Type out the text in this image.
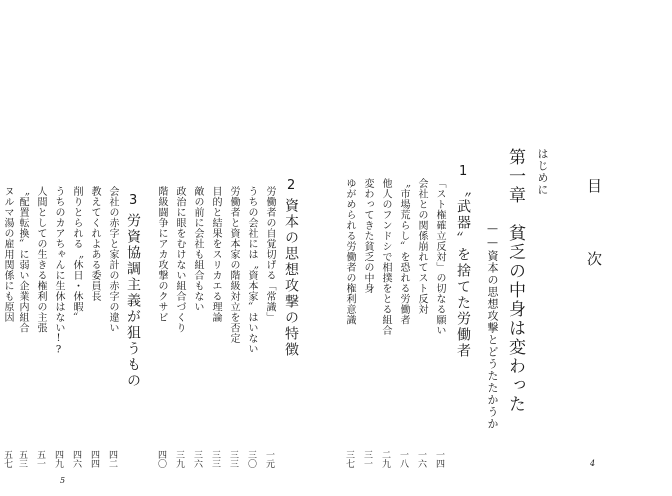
目 次
はじめに
第一章　貧乏の中身は変わった
——資本の思想攻撃とどうたたかうか
1
〝武器〟を捨てた労働者
「スト権確立反対」の切なる願い
一四
会社との関係崩れてスト反対
一六
〝市場荒らし〟を恐れる労働者
一八
他人のフンドシで相撲をとる組合
二九
変わってきた貧乏の中身
三一
ゆがめられる労働者の権利意識
三七
2
資本の思想攻撃の特徴
労働者の自覚切げる「常識」
一元
うちの会社には〝資本家〟はいない
三〇
労働者と資本家の階級対立を否定
三三
目的と結果をスリカエる理論
三三
敵の前に会社も組合もない
三六
政治に眼をむけない組合づくり
三九
階級闘争にアカ攻撃のクサビ
四〇
3
労資協調主義が狙うもの
会社の赤字と家計の赤字の違い
四二
教えてくれよある委員長
四四
削りとられる〝休日・休暇〟
四六
うちのカアちゃんに生休はない!?
四九
人間としての生きる権利の主張
五一
〝配置転換〟に弱い企業内組合
五三
ヌルマ湯の雇用関係にも原因
五七	4
5
